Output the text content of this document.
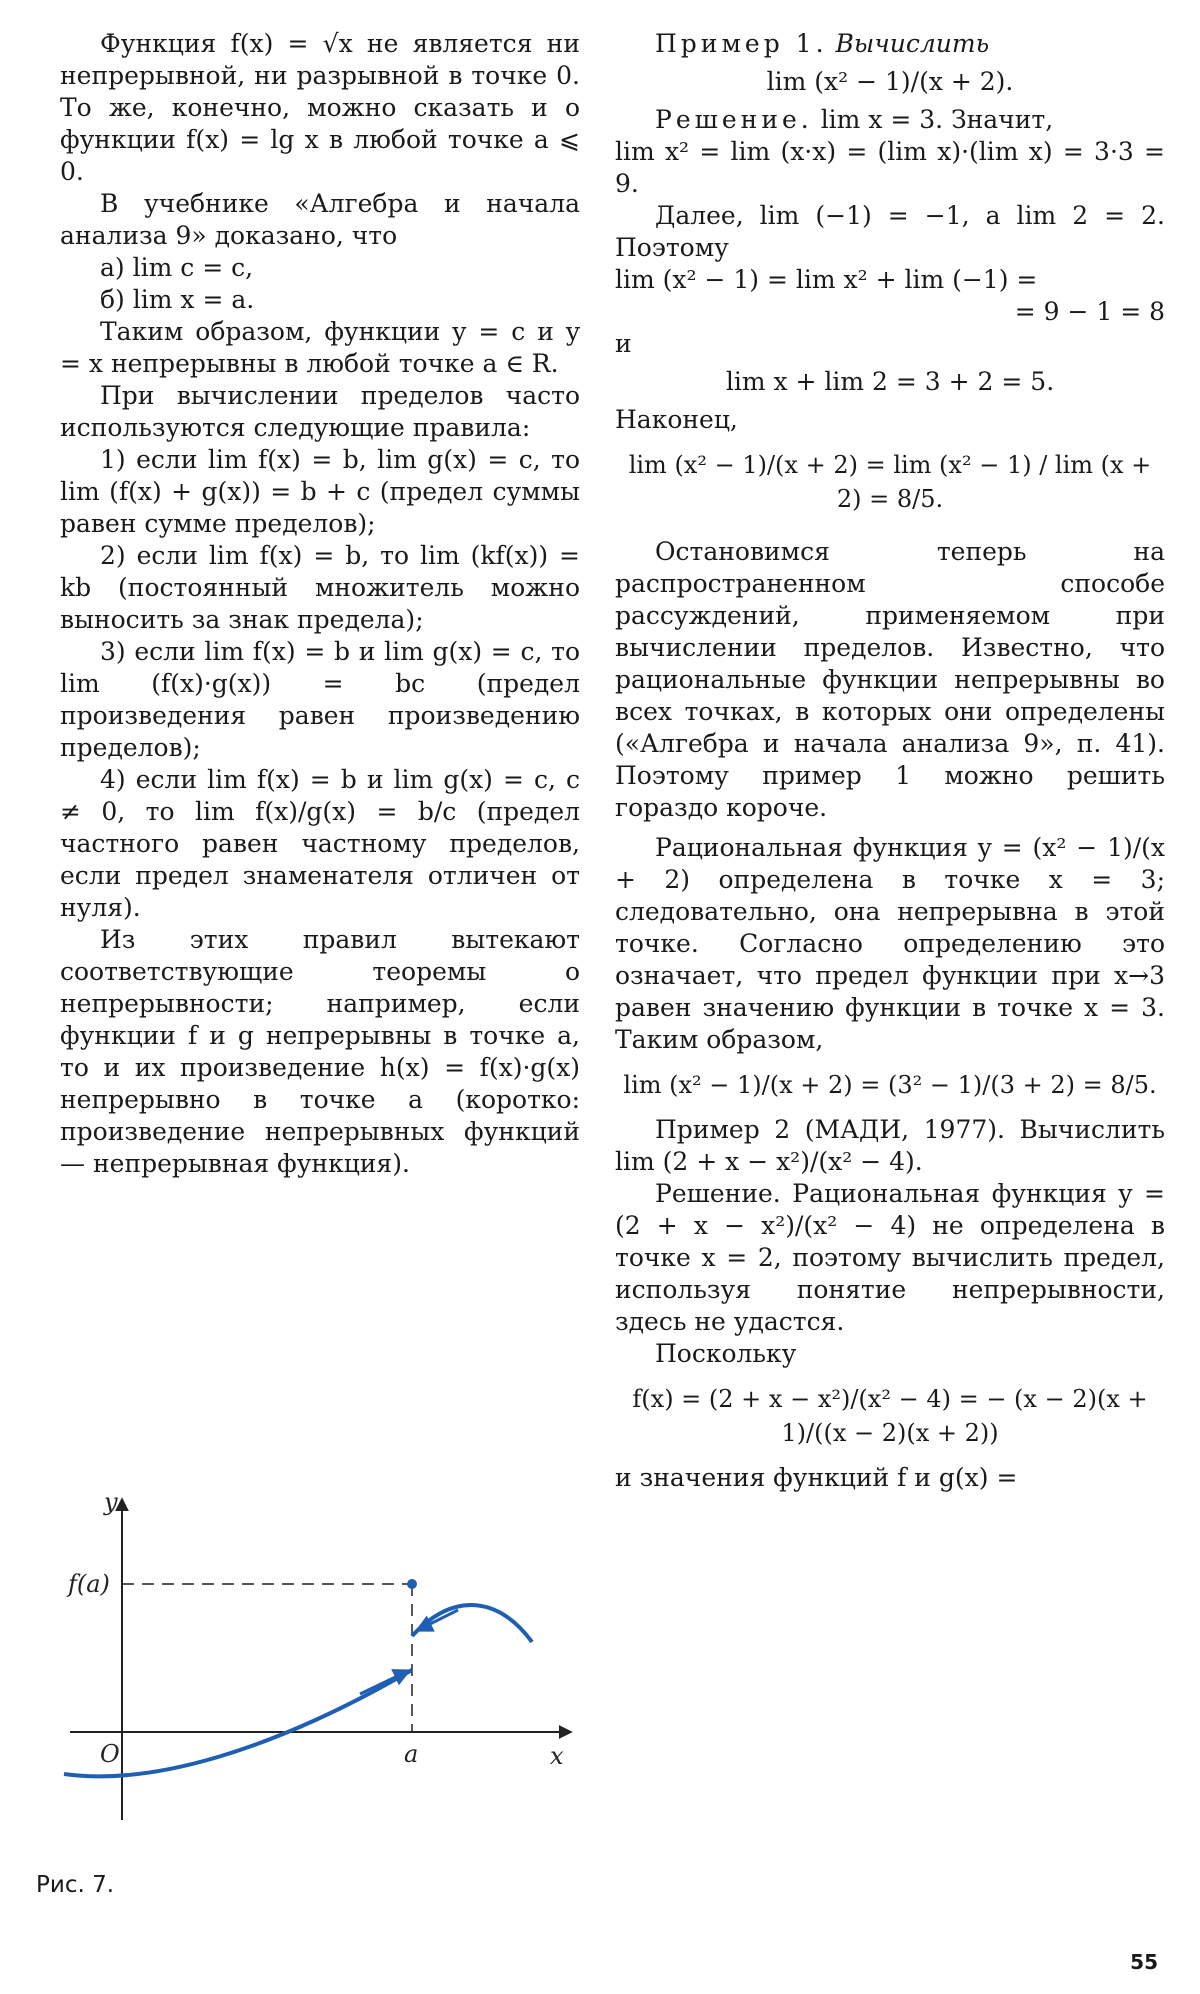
Функция f(x) = √x не является ни непрерывной, ни разрывной в точке 0. То же, конечно, можно сказать и о функции f(x) = lg x в любой точке a ⩽ 0.

В учебнике «Алгебра и начала анализа 9» доказано, что

а) lim c = c,

б) lim x = a.

Таким образом, функции y = c и y = x непрерывны в любой точке a ∈ R.

При вычислении пределов часто используются следующие правила:

1) если lim f(x) = b, lim g(x) = c, то lim (f(x) + g(x)) = b + c (предел суммы равен сумме пределов);

2) если lim f(x) = b, то lim (kf(x)) = kb (постоянный множитель можно выносить за знак предела);

3) если lim f(x) = b и lim g(x) = c, то lim (f(x)·g(x)) = bc (предел произведения равен произведению пределов);

4) если lim f(x) = b и lim g(x) = c, c ≠ 0, то lim f(x)/g(x) = b/c (предел частного равен частному пределов, если предел знаменателя отличен от нуля).

Из этих правил вытекают соответствующие теоремы о непрерывности; например, если функции f и g непрерывны в точке a, то и их произведение h(x) = f(x)·g(x) непрерывно в точке a (коротко: произведение непрерывных функций — непрерывная функция).

Пример 1. Вычислить

lim (x² − 1)/(x + 2).

Решение. lim x = 3. Значит,

lim x² = lim (x·x) = (lim x)·(lim x) = 3·3 = 9.

Далее, lim (−1) = −1, а lim 2 = 2. Поэтому

lim (x² − 1) = lim x² + lim (−1) =

= 9 − 1 = 8

и

lim x + lim 2 = 3 + 2 = 5.

Наконец,

lim (x² − 1)/(x + 2) = lim (x² − 1) / lim (x + 2) = 8/5.

Остановимся теперь на распространенном способе рассуждений, применяемом при вычислении пределов. Известно, что рациональные функции непрерывны во всех точках, в которых они определены («Алгебра и начала анализа 9», п. 41). Поэтому пример 1 можно решить гораздо короче.

Рациональная функция y = (x² − 1)/(x + 2) определена в точке x = 3; следовательно, она непрерывна в этой точке. Согласно определению это означает, что предел функции при x→3 равен значению функции в точке x = 3. Таким образом,

lim (x² − 1)/(x + 2) = (3² − 1)/(3 + 2) = 8/5.

Пример 2 (МАДИ, 1977). Вычислить lim (2 + x − x²)/(x² − 4).

Решение. Рациональная функция y = (2 + x − x²)/(x² − 4) не определена в точке x = 2, поэтому вычислить предел, используя понятие непрерывности, здесь не удастся.

Поскольку

f(x) = (2 + x − x²)/(x² − 4) = − (x − 2)(x + 1)/((x − 2)(x + 2))

и значения функций f и g(x) =

y
x
O	a
f(a)
Рис. 7.
55
